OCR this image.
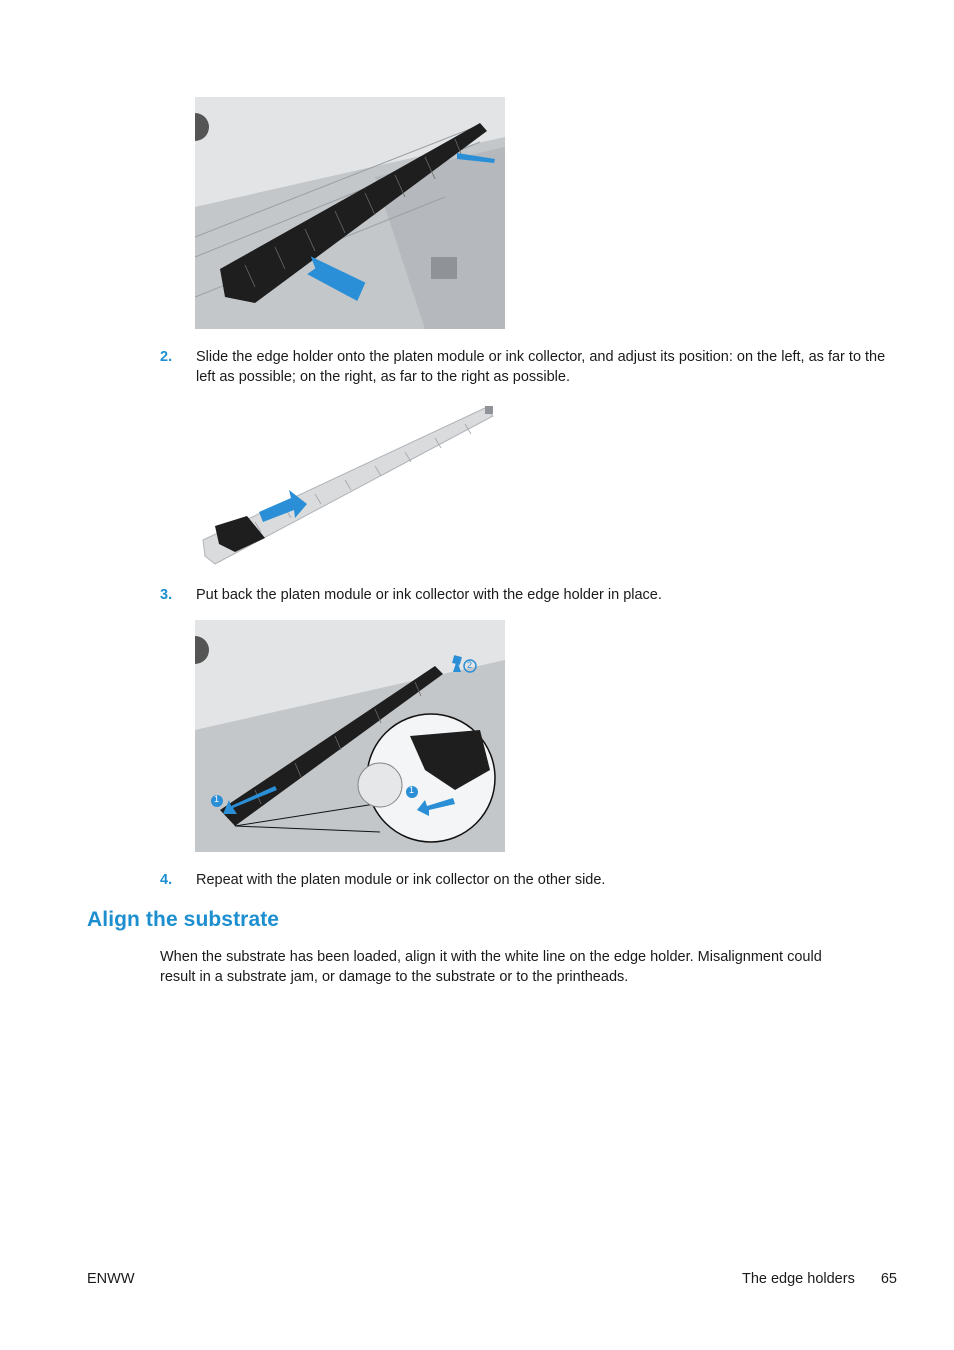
2.	Slide the edge holder onto the platen module or ink collector, and adjust its position: on the left, as far to the left as possible; on the right, as far to the right as possible.
3.	Put back the platen module or ink collector with the edge holder in place.
1
2
1
4.	Repeat with the platen module or ink collector on the other side.
Align the substrate
When the substrate has been loaded, align it with the white line on the edge holder. Misalignment could result in a substrate jam, or damage to the substrate or to the printheads.
ENWW	The edge holders 65
